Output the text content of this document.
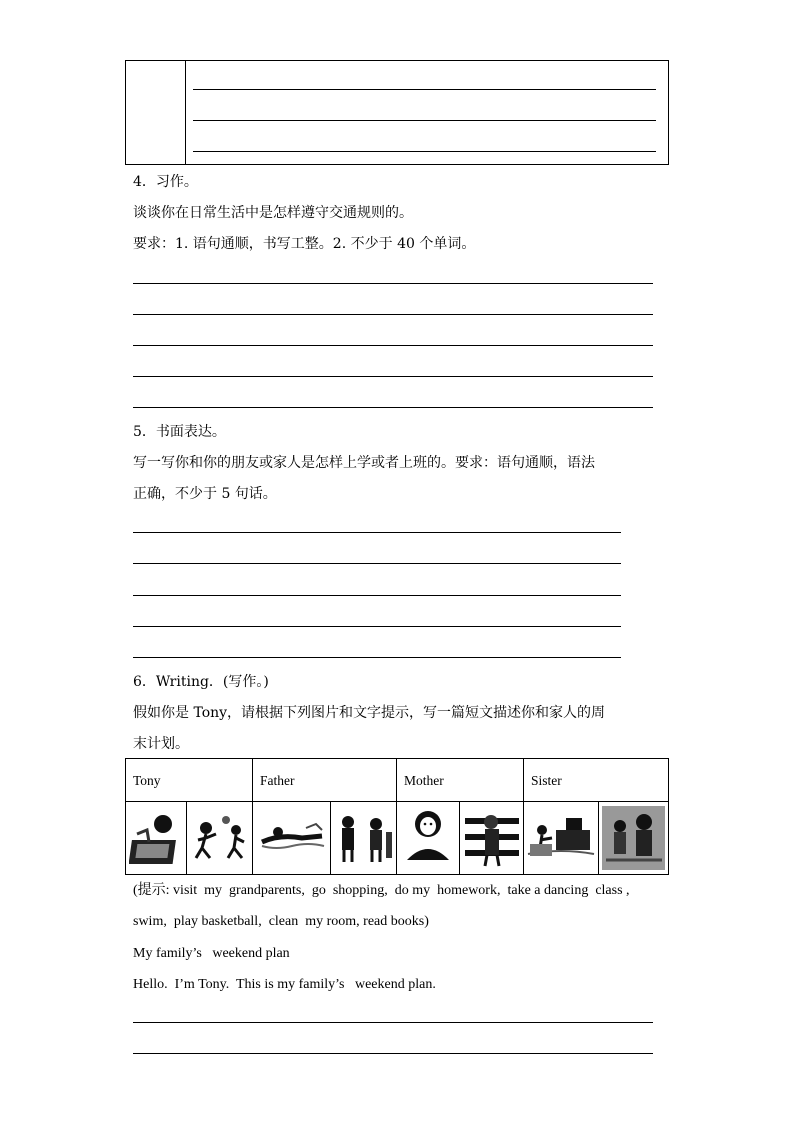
4．习作。
谈谈你在日常生活中是怎样遵守交通规则的。
要求：1. 语句通顺，书写工整。2. 不少于 40 个单词。
5．书面表达。
写一写你和你的朋友或家人是怎样上学或者上班的。要求：语句通顺，语法
正确，不少于 5 句话。
6．Writing．(写作。)
假如你是 Tony，请根据下列图片和文字提示，写一篇短文描述你和家人的周
末计划。
Tony	Father	Mother	Sister
(提示: visit  my  grandparents,  go  shopping,  do my  homework,  take a dancing  class ,
swim,  play basketball,  clean  my room, read books)
My family’s   weekend plan
Hello.  I’m Tony.  This is my family’s   weekend plan.
